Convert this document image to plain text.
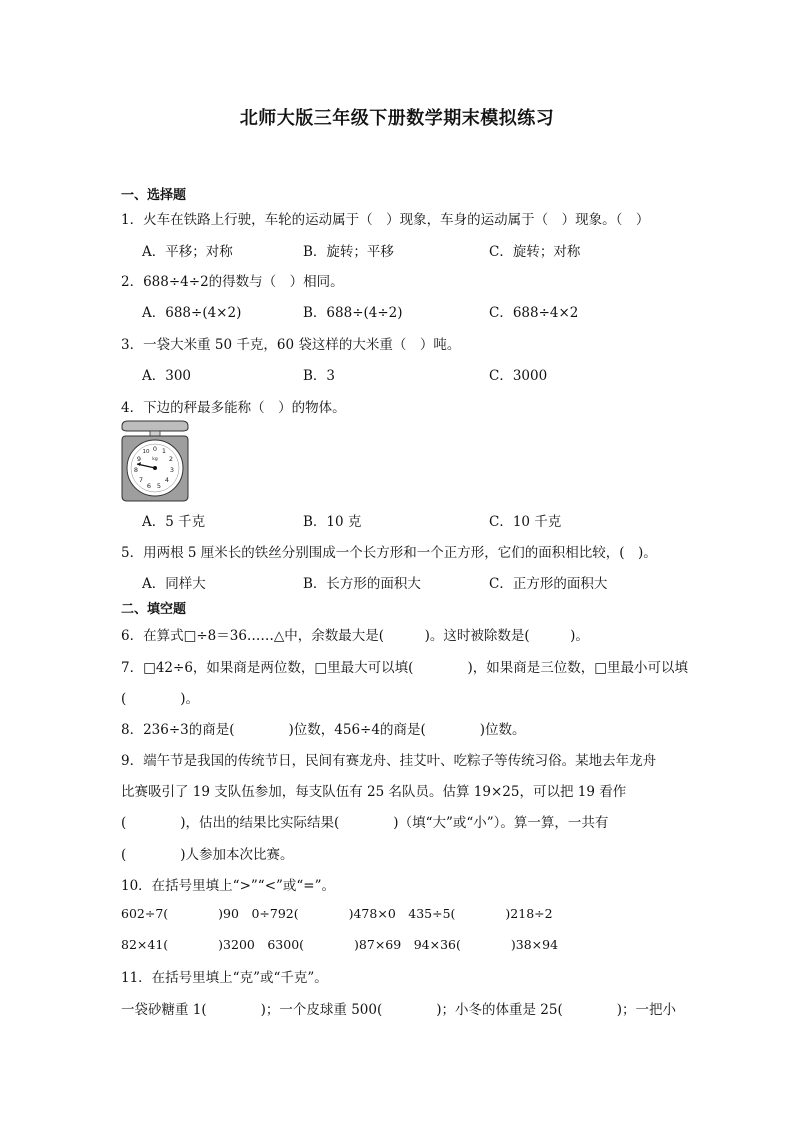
北师大版三年级下册数学期末模拟练习
一、选择题
1．火车在铁路上行驶，车轮的运动属于（　）现象，车身的运动属于（　）现象。（　）
A．平移；对称	B．旋转；平移	C．旋转；对称
2．688÷4÷2的得数与（　）相同。
A．688÷(4×2)	B．688÷(4÷2)	C．688÷4×2
3．一袋大米重 50 千克，60 袋这样的大米重（　）吨。
A．300	B．3	C．3000
4．下边的秤最多能称（　）的物体。
0 1
2
3
4
5
6
7
8
9
10
kg
A．5 千克	B．10 克	C．10 千克
5．用两根 5 厘米长的铁丝分别围成一个长方形和一个正方形，它们的面积相比较，(　)。
A．同样大	B．长方形的面积大	C．正方形的面积大
二、填空题
6．在算式□÷8＝36……△中，余数最大是(　　　)。这时被除数是(　　　)。
7．□42÷6，如果商是两位数，□里最大可以填(　　　　)，如果商是三位数，□里最小可以填
(　　　　)。
8．236÷3的商是(　　　　)位数，456÷4的商是(　　　　)位数。
9．端午节是我国的传统节日，民间有赛龙舟、挂艾叶、吃粽子等传统习俗。某地去年龙舟
比赛吸引了 19 支队伍参加，每支队伍有 25 名队员。估算 19×25，可以把 19 看作
(　　　　)，估出的结果比实际结果(　　　　)（填“大”或“小”）。算一算，一共有
(　　　　)人参加本次比赛。
10．在括号里填上“>”“<”或“=”。
602÷7(　　　　)90　0÷792(　　　　)478×0　435÷5(　　　　)218÷2
82×41(　　　　)3200　6300(　　　　)87×69　94×36(　　　　)38×94
11．在括号里填上“克”或“千克”。
一袋砂糖重 1(　　　　)；一个皮球重 500(　　　　)；小冬的体重是 25(　　　　)；一把小
